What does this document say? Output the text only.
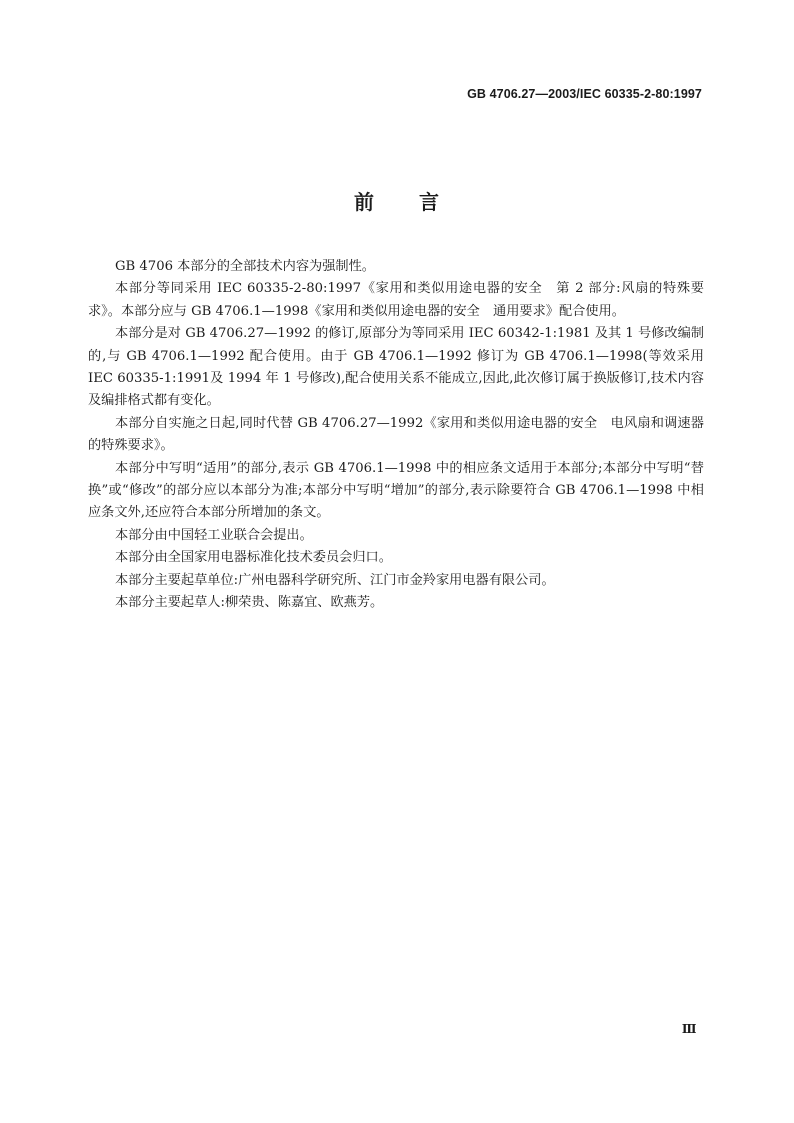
GB 4706.27—2003/IEC 60335-2-80:1997
前 言

GB 4706 本部分的全部技术内容为强制性。

本部分等同采用 IEC 60335-2-80:1997《家用和类似用途电器的安全　第 2 部分:风扇的特殊要求》。本部分应与 GB 4706.1—1998《家用和类似用途电器的安全　通用要求》配合使用。

本部分是对 GB 4706.27—1992 的修订,原部分为等同采用 IEC 60342-1:1981 及其 1 号修改编制的,与 GB 4706.1—1992 配合使用。由于 GB 4706.1—1992 修订为 GB 4706.1—1998(等效采用 IEC 60335-1:1991及 1994 年 1 号修改),配合使用关系不能成立,因此,此次修订属于换版修订,技术内容及编排格式都有变化。

本部分自实施之日起,同时代替 GB 4706.27—1992《家用和类似用途电器的安全　电风扇和调速器的特殊要求》。

本部分中写明“适用”的部分,表示 GB 4706.1—1998 中的相应条文适用于本部分;本部分中写明“替换”或“修改”的部分应以本部分为准;本部分中写明“增加”的部分,表示除要符合 GB 4706.1—1998 中相应条文外,还应符合本部分所增加的条文。

本部分由中国轻工业联合会提出。

本部分由全国家用电器标准化技术委员会归口。

本部分主要起草单位:广州电器科学研究所、江门市金羚家用电器有限公司。

本部分主要起草人:柳荣贵、陈嘉宜、欧燕芳。

Ⅲ
